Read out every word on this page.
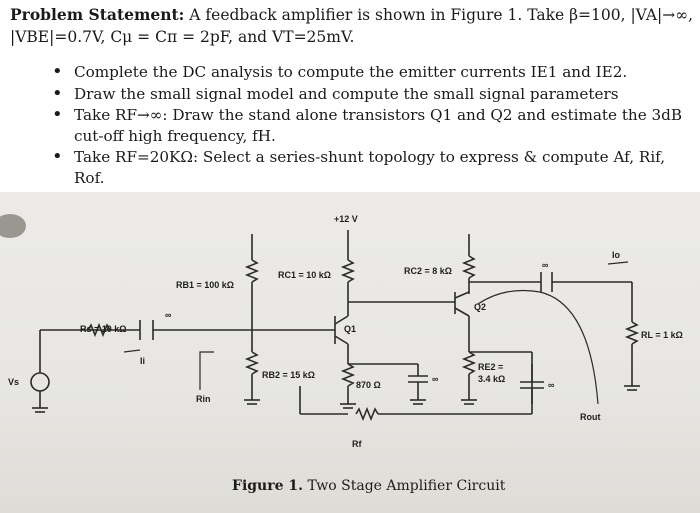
Problem Statement: A feedback amplifier is shown in Figure 1. Take β=100, |VA|→∞,
|VBE|=0.7V, Cμ = Cπ = 2pF, and VT=25mV.
• Complete the DC analysis to compute the emitter currents IE1 and IE2.
• Draw the small signal model and compute the small signal parameters
• Take RF→∞: Draw the stand alone transistors Q1 and Q2 and estimate the 3dB cut-off high frequency, fH.
• Take RF=20KΩ: Select a series-shunt topology to express & compute Af, Rif, Rof.
+12 V
RB1 = 100 kΩ
RC1 = 10 kΩ	RC2 = 8 kΩ
Rs = 10 kΩ
RB2 = 15 kΩ
870 Ω
RE2 =
3.4 kΩ
RL = 1 kΩ
Rf
Q1
Q2
Vs
∞
∞
∞
∞
Ii
Io
Rin
Rout
Figure 1. Two Stage Amplifier Circuit
